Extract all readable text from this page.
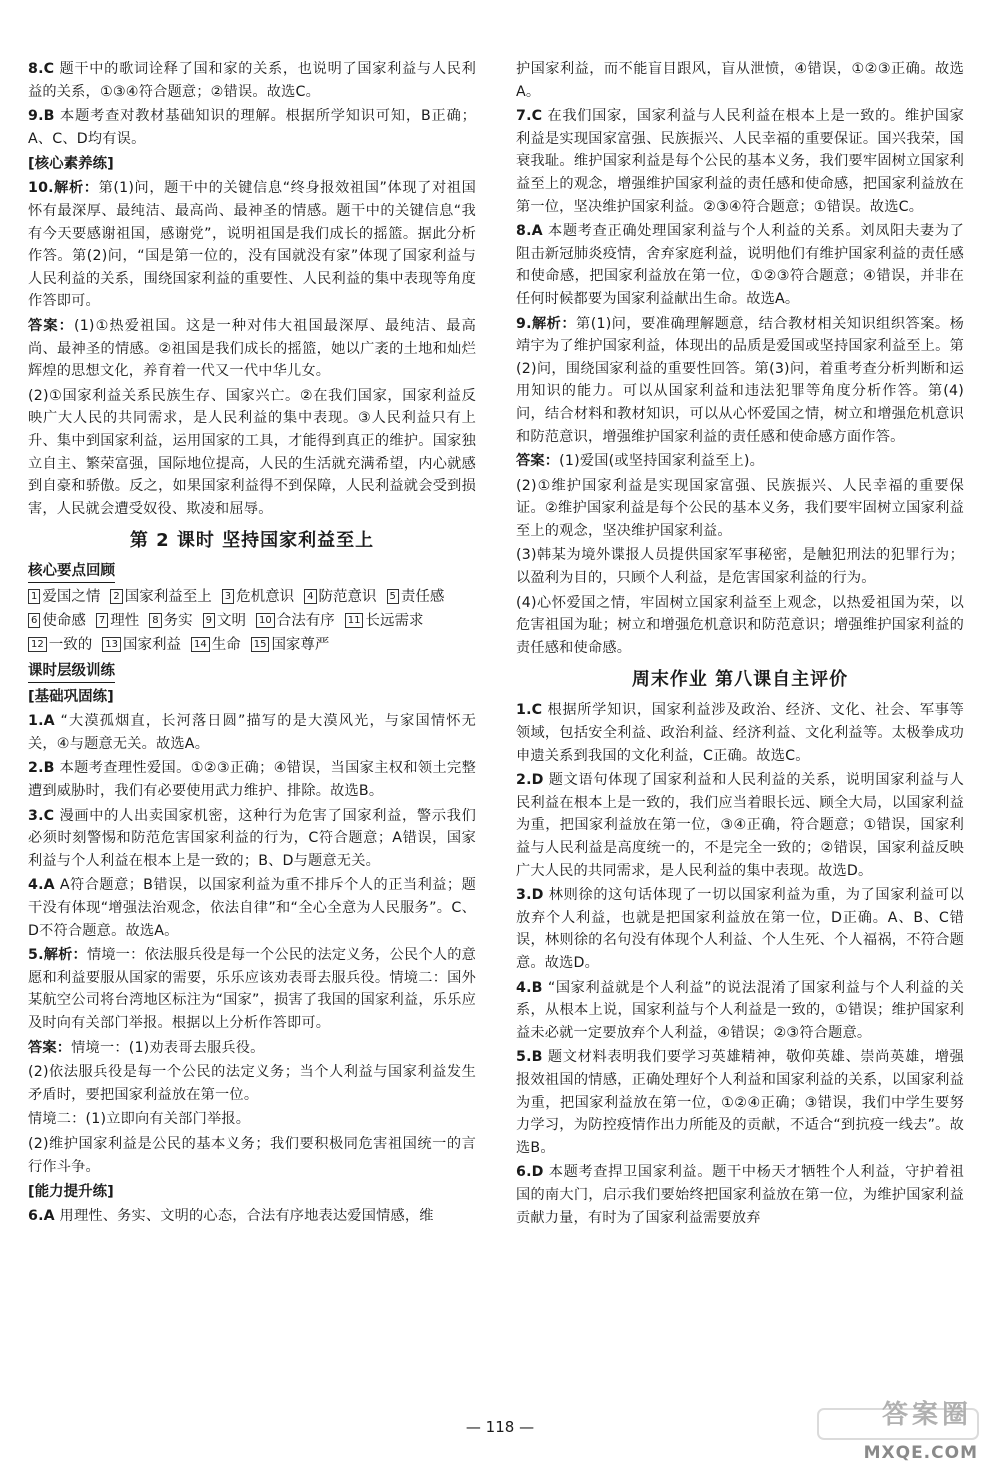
8.C 题干中的歌词诠释了国和家的关系，也说明了国家利益与人民利益的关系，①③④符合题意；②错误。故选C。
9.B 本题考查对教材基础知识的理解。根据所学知识可知，B正确；A、C、D均有误。
[核心素养练]
10.解析：第(1)问，题干中的关键信息“终身报效祖国”体现了对祖国怀有最深厚、最纯洁、最高尚、最神圣的情感。题干中的关键信息“我有今天要感谢祖国，感谢党”，说明祖国是我们成长的摇篮。据此分析作答。第(2)问，“国是第一位的，没有国就没有家”体现了国家利益与人民利益的关系，围绕国家利益的重要性、人民利益的集中表现等角度作答即可。
答案：(1)①热爱祖国。这是一种对伟大祖国最深厚、最纯洁、最高尚、最神圣的情感。②祖国是我们成长的摇篮，她以广袤的土地和灿烂辉煌的思想文化，养育着一代又一代中华儿女。
(2)①国家利益关系民族生存、国家兴亡。②在我们国家，国家利益反映广大人民的共同需求，是人民利益的集中表现。③人民利益只有上升、集中到国家利益，运用国家的工具，才能得到真正的维护。国家独立自主、繁荣富强，国际地位提高，人民的生活就充满希望，内心就感到自豪和骄傲。反之，如果国家利益得不到保障，人民利益就会受到损害，人民就会遭受奴役、欺凌和屈辱。
第 2 课时 坚持国家利益至上
核心要点回顾
1 爱国之情 2 国家利益至上 3 危机意识 4 防范意识 5 责任感6 使命感 7 理性 8 务实 9 文明 10 合法有序 11 长远需求12 一致的 13 国家利益 14 生命 15 国家尊严
课时层级训练
[基础巩固练]
1.A “大漠孤烟直，长河落日圆”描写的是大漠风光，与家国情怀无关，④与题意无关。故选A。
2.B 本题考查理性爱国。①②③正确；④错误，当国家主权和领土完整遭到威胁时，我们有必要使用武力维护、排除。故选B。
3.C 漫画中的人出卖国家机密，这种行为危害了国家利益，警示我们必须时刻警惕和防范危害国家利益的行为，C符合题意；A错误，国家利益与个人利益在根本上是一致的；B、D与题意无关。
4.A A符合题意；B错误，以国家利益为重不排斥个人的正当利益；题干没有体现“增强法治观念，依法自律”和“全心全意为人民服务”。C、D不符合题意。故选A。
5.解析：情境一：依法服兵役是每一个公民的法定义务，公民个人的意愿和利益要服从国家的需要，乐乐应该劝表哥去服兵役。情境二：国外某航空公司将台湾地区标注为“国家”，损害了我国的国家利益，乐乐应及时向有关部门举报。根据以上分析作答即可。
答案：情境一：(1)劝表哥去服兵役。
(2)依法服兵役是每一个公民的法定义务；当个人利益与国家利益发生矛盾时，要把国家利益放在第一位。
情境二：(1)立即向有关部门举报。
(2)维护国家利益是公民的基本义务；我们要积极同危害祖国统一的言行作斗争。
[能力提升练]
6.A 用理性、务实、文明的心态，合法有序地表达爱国情感，维
护国家利益，而不能盲目跟风，盲从泄愤，④错误，①②③正确。故选A。
7.C 在我们国家，国家利益与人民利益在根本上是一致的。维护国家利益是实现国家富强、民族振兴、人民幸福的重要保证。国兴我荣，国衰我耻。维护国家利益是每个公民的基本义务，我们要牢固树立国家利益至上的观念，增强维护国家利益的责任感和使命感，把国家利益放在第一位，坚决维护国家利益。②③④符合题意；①错误。故选C。
8.A 本题考查正确处理国家利益与个人利益的关系。刘凤阳夫妻为了阻击新冠肺炎疫情，舍弃家庭利益，说明他们有维护国家利益的责任感和使命感，把国家利益放在第一位，①②③符合题意；④错误，并非在任何时候都要为国家利益献出生命。故选A。
9.解析：第(1)问，要准确理解题意，结合教材相关知识组织答案。杨靖宇为了维护国家利益，体现出的品质是爱国或坚持国家利益至上。第(2)问，围绕国家利益的重要性回答。第(3)问，着重考查分析判断和运用知识的能力。可以从国家利益和违法犯罪等角度分析作答。第(4)问，结合材料和教材知识，可以从心怀爱国之情，树立和增强危机意识和防范意识，增强维护国家利益的责任感和使命感方面作答。
答案：(1)爱国(或坚持国家利益至上)。
(2)①维护国家利益是实现国家富强、民族振兴、人民幸福的重要保证。②维护国家利益是每个公民的基本义务，我们要牢固树立国家利益至上的观念，坚决维护国家利益。
(3)韩某为境外谍报人员提供国家军事秘密，是触犯刑法的犯罪行为；以盈利为目的，只顾个人利益，是危害国家利益的行为。
(4)心怀爱国之情，牢固树立国家利益至上观念，以热爱祖国为荣，以危害祖国为耻；树立和增强危机意识和防范意识；增强维护国家利益的责任感和使命感。
周末作业 第八课自主评价
1.C 根据所学知识，国家利益涉及政治、经济、文化、社会、军事等领域，包括安全利益、政治利益、经济利益、文化利益等。太极拳成功申遗关系到我国的文化利益，C正确。故选C。
2.D 题文语句体现了国家利益和人民利益的关系，说明国家利益与人民利益在根本上是一致的，我们应当着眼长远、顾全大局，以国家利益为重，把国家利益放在第一位，③④正确，符合题意；①错误，国家利益与人民利益是高度统一的，不是完全一致的；②错误，国家利益反映广大人民的共同需求，是人民利益的集中表现。故选D。
3.D 林则徐的这句话体现了一切以国家利益为重，为了国家利益可以放弃个人利益，也就是把国家利益放在第一位，D正确。A、B、C错误，林则徐的名句没有体现个人利益、个人生死、个人福祸，不符合题意。故选D。
4.B “国家利益就是个人利益”的说法混淆了国家利益与个人利益的关系，从根本上说，国家利益与个人利益是一致的，①错误；维护国家利益未必就一定要放弃个人利益，④错误；②③符合题意。
5.B 题文材料表明我们要学习英雄精神，敬仰英雄、崇尚英雄，增强报效祖国的情感，正确处理好个人利益和国家利益的关系，以国家利益为重，把国家利益放在第一位，①②④正确；③错误，我们中学生要努力学习，为防控疫情作出力所能及的贡献，不适合“到抗疫一线去”。故选B。
6.D 本题考查捍卫国家利益。题干中杨天才牺牲个人利益，守护着祖国的南大门，启示我们要始终把国家利益放在第一位，为维护国家利益贡献力量，有时为了国家利益需要放弃
— 118 —	答案圈
MXQE.COM
